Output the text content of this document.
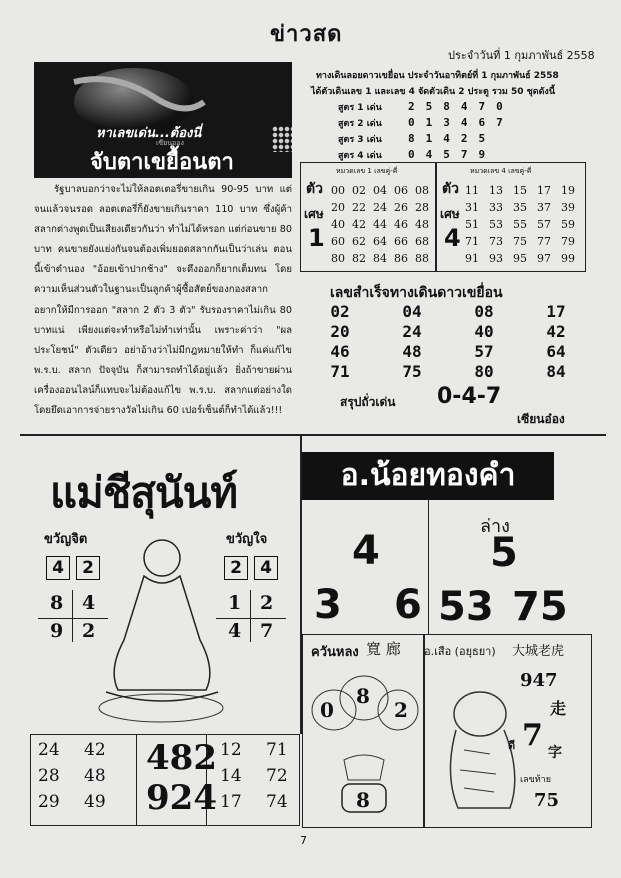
ข่าวสด
ประจำวันที่ 1 กุมภาพันธ์ 2558
หาเลขเด่น...ต้องนี่
เซียนออง
จับตาเขยื้อนตา
รัฐบาลบอกว่าจะไม่ให้ลอตเตอรี่ขายเกิน 90-95 บาท แต่จนแล้วจนรอด ลอตเตอรี่ก็ยังขายเกินราคา 110 บาท ซึ่งผู้ค้าสลากต่างพูดเป็นเสียงเดียวกันว่า ทำไม่ได้หรอก แต่ก่อนขาย 80 บาท คนขายยังแย่งกันจนต้องเพิ่มยอดสลากกันเป็นว่าเล่น ตอนนี้เข้าตำนอง "อ้อยเข้าปากช้าง" จะดึงออกก็ยากเต็มทน โดยความเห็นส่วนตัวในฐานะเป็นลูกค้าผู้ซื้อสัตย์ของกองสลาก อยากให้มีการออก "สลาก 2 ตัว 3 ตัว" รับรองราคาไม่เกิน 80 บาทแน่ เพียงแต่จะทำหรือไม่ทำเท่านั้น เพราะค่าว่า "ผลประโยชน์" ตัวเดียว อย่าอ้างว่าไม่มีกฎหมายให้ทำ ก็แค่แก้ไข พ.ร.บ. สลาก ปัจจุบัน ก็สามารถทำได้อยู่แล้ว ยิ่งถ้าขายผ่านเครื่องออนไลน์ก็แทบจะไม่ต้องแก้ไข พ.ร.บ. สลากแต่อย่างใด โดยยึดเอาการจ่ายรางวัลไม่เกิน 60 เปอร์เซ็นต์ก็ทำได้แล้ว!!!
ทางเดินลอยดาวเขยื่อน ประจำวันอาทิตย์ที่ 1 กุมภาพันธ์ 2558
ได้ตัวเดินเลข 1 และเลข 4 จัดตัวเดิน 2 ประตู รวม 50 ชุดดังนี้
สูตร 1 เด่น 258470
สูตร 2 เด่น 013467
สูตร 3 เด่น 81425
สูตร 4 เด่น 04579
ตัว
เศษ
1
หมวดเลข 1 เลขคู่-คี่
00 02 04 06 08
20 22 24 26 28
40 42 44 46 48
60 62 64 66 68
80 82 84 86 88
ตัว
เศษ
4
หมวดเลข 4 เลขคู่-คี่
11 13 15 17 19
31 33 35 37 39
51 53 55 57 59
71 73 75 77 79
91 93 95 97 99
เลขสำเร็จทางเดินดาวเขยื่อน
02	04	08	17
20	24	40	42
46	48	57	64
71	75	80	84
สรุปถั่วเด่น 0-4-7
เซียนอ๋อง
แม่ชีสุนันท์
ขวัญจิต	ขวัญใจ
4	2	2	4
8 4
9 2
1 2
4 7
24 42
28 48
29 49
12 71
14 72
17 74
482
924
อ.น้อยทองคำ
4
3 6
ล่าง
5
53 75
ควันหลง 寬 廊
0
8
2
8
อ.เสือ (อยุธยา) 大城老虎
947
走
ดี 7 字
เลขท้าย
75
7
